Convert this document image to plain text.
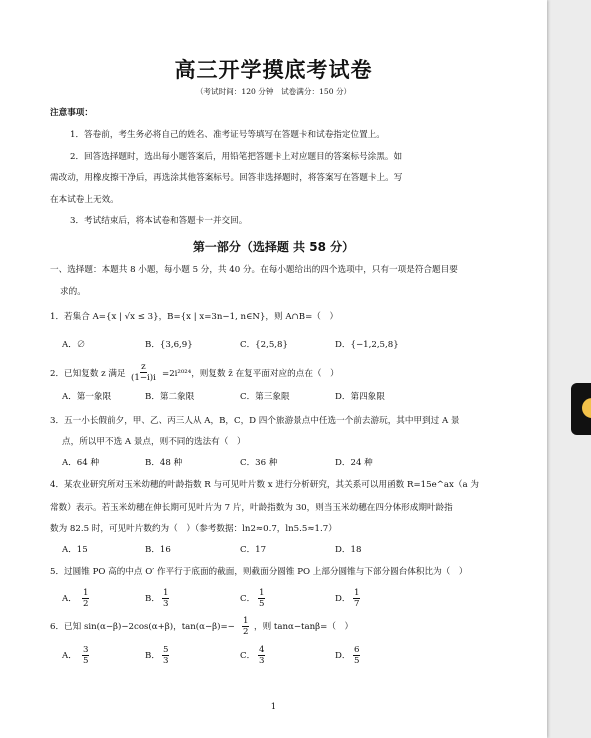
高三开学摸底考试卷
（考试时间：120 分钟　试卷满分：150 分）
注意事项：
1．答卷前，考生务必将自己的姓名、准考证号等填写在答题卡和试卷指定位置上。
2．回答选择题时，选出每小题答案后，用铅笔把答题卡上对应题目的答案标号涂黑。如
需改动，用橡皮擦干净后，再选涂其他答案标号。回答非选择题时，将答案写在答题卡上。写
在本试卷上无效。
3．考试结束后，将本试卷和答题卡一并交回。
第一部分（选择题 共 58 分）
一、选择题：本题共 8 小题，每小题 5 分，共 40 分。在每小题给出的四个选项中，只有一项是符合题目要
求的。
1．若集合 A={x | √x ≤ 3}，B={x | x=3n−1, n∈N}，则 A∩B=（　）
A．∅	B．{3,6,9}	C．{2,5,8}	D．{−1,2,5,8}
2．已知复数 z 满足 $\frac{z}{(1-i)i} =2i^{2024}$，则复数 z̄ 在复平面对应的点在（　）
A．第一象限	B．第二象限	C．第三象限	D．第四象限
3．五一小长假前夕，甲、乙、丙三人从 A，B，C，D 四个旅游景点中任选一个前去游玩，其中甲到过 A 景
点，所以甲不选 A 景点，则不同的选法有（　）
A．64 种	B．48 种	C．36 种	D．24 种
4．某农业研究所对玉米幼穗的叶龄指数 R 与可见叶片数 x 进行分析研究，其关系可以用函数 R=15e^ax（a 为
常数）表示。若玉米幼穗在伸长期可见叶片为 7 片，叶龄指数为 30，则当玉米幼穗在四分体形成期叶龄指
数为 82.5 时，可见叶片数约为（　）（参考数据：ln2≈0.7，ln5.5≈1.7）
A．15	B．16	C．17	D．18
5．过圆锥 PO 高的中点 O′ 作平行于底面的截面，则截面分圆锥 PO 上部分圆锥与下部分圆台体积比为（　）
A． $\frac{1}{2}$	B． $\frac{1}{3}$	C． $\frac{1}{5}$	D． $\frac{1}{7}$
6．已知 sin(α−β)−2cos(α+β)，$\tan(\alpha-\beta)=- \frac{1}{2}$ ，则 tanα−tanβ=（　）
A． $\frac{3}{5}$	B． $\frac{5}{3}$	C． $\frac{4}{3}$	D． $\frac{6}{5}$
1
